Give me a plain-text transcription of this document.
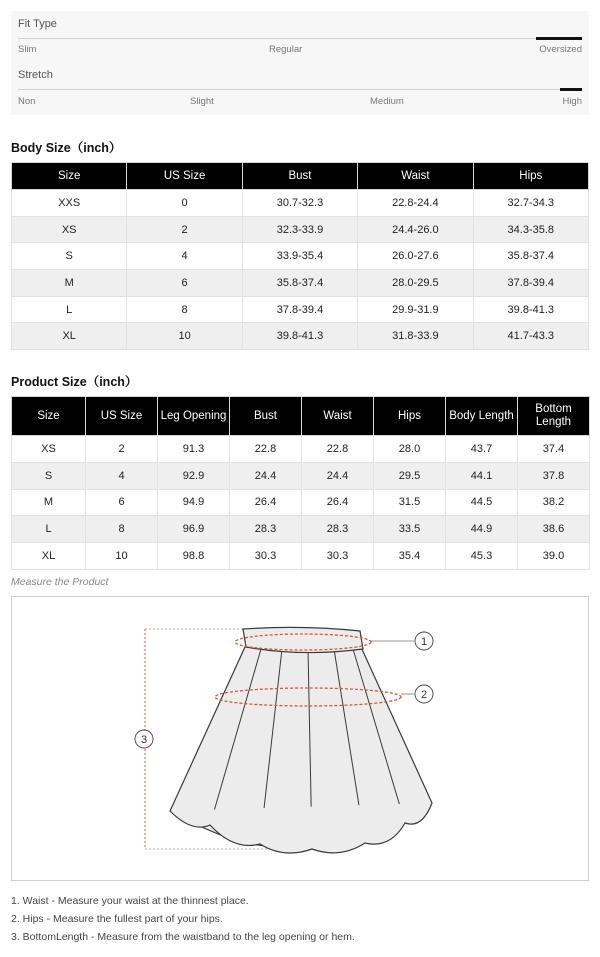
Fit Type
Slim	Regular	Oversized
Stretch
Non	Slight	Medium	High
Body Size（inch）
Size	US Size	Bust	Waist	Hips
XXS	0	30.7-32.3	22.8-24.4	32.7-34.3
XS	2	32.3-33.9	24.4-26.0	34.3-35.8
S	4	33.9-35.4	26.0-27.6	35.8-37.4
M	6	35.8-37.4	28.0-29.5	37.8-39.4
L	8	37.8-39.4	29.9-31.9	39.8-41.3
XL	10	39.8-41.3	31.8-33.9	41.7-43.3
Product Size（inch）
Size	US Size	Leg Opening	Bust	Waist	Hips	Body Length	Bottom Length
XS	2	91.3	22.8	22.8	28.0	43.7	37.4
S	4	92.9	24.4	24.4	29.5	44.1	37.8
M	6	94.9	26.4	26.4	31.5	44.5	38.2
L	8	96.9	28.3	28.3	33.5	44.9	38.6
XL	10	98.8	30.3	30.3	35.4	45.3	39.0
Measure the Product
1
2
3
1. Waist - Measure your waist at the thinnest place.
2. Hips - Measure the fullest part of your hips.
3. BottomLength - Measure from the waistband to the leg opening or hem.
